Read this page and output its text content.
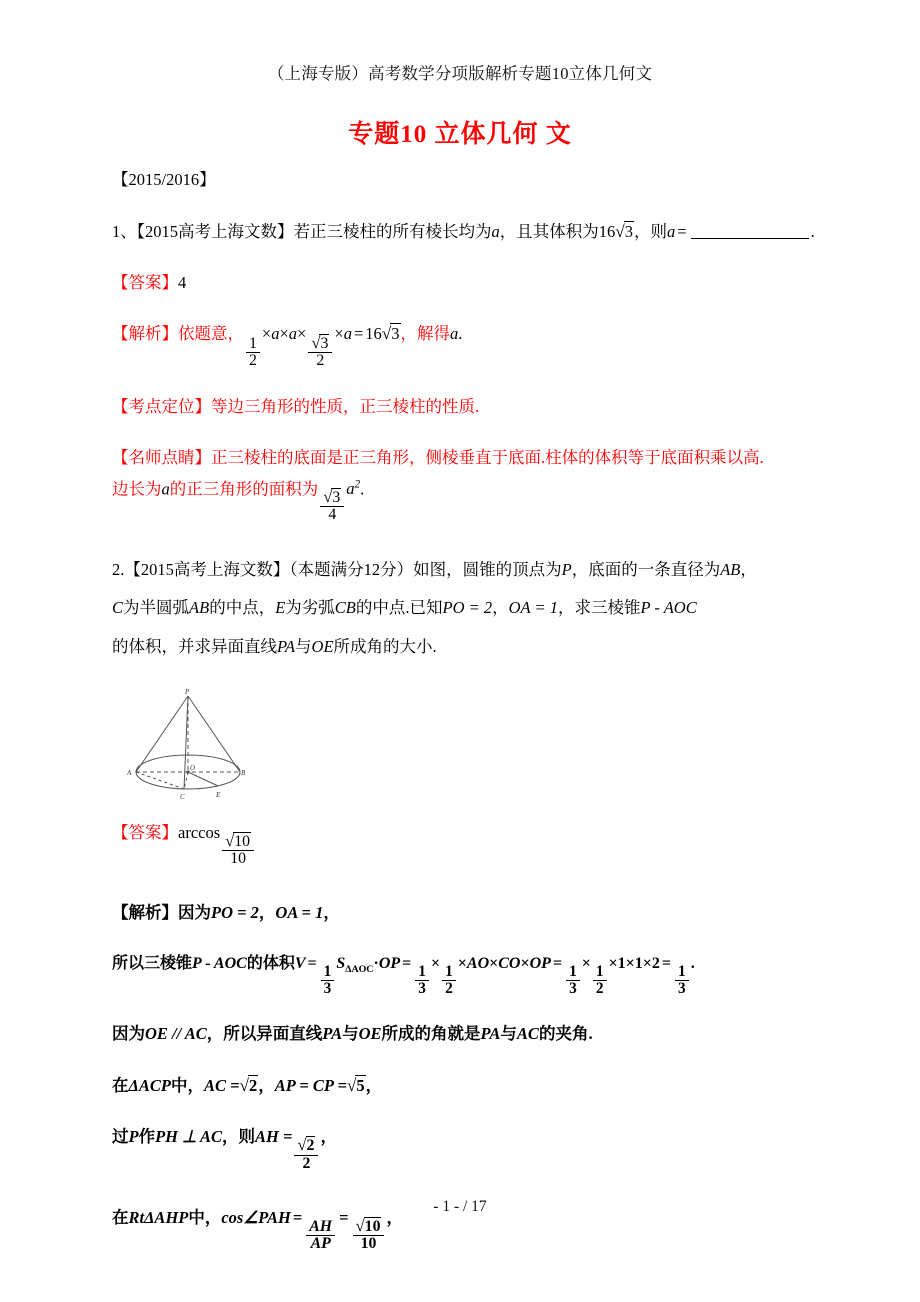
（上海专版）高考数学分项版解析专题10立体几何文
专题10 立体几何 文

【2015/2016】

1、【2015高考上海文数】若正三棱柱的所有棱长均为a，且其体积为16√3，则a =	.

【答案】4

【解析】依题意，
$\frac{1}{2}$
×a×a×
$\frac{√3}{2}$
×a = 16√3，解得a.

【考点定位】等边三角形的性质，正三棱柱的性质.

【名师点睛】正三棱柱的底面是正三角形，侧棱垂直于底面.柱体的体积等于底面积乘以高.

边长为a的正三角形的面积为
$\frac{√3}{4}$
$a^2$.

2.【2015高考上海文数】（本题满分12分）如图，圆锥的顶点为P，底面的一条直径为AB，

C为半圆弧AB的中点，E为劣弧CB的中点.已知PO = 2，OA = 1，求三棱锥P - AOC

的体积，并求异面直线PA与OE所成角的大小.

P
A
O
B
C	E

【答案】arccos
$\frac{√10}{10}$

【解析】因为PO = 2，OA = 1，

所以三棱锥P - AOC的体积V =
$\frac{1}{3}$
$S_{\Delta AOC}\cdot OP$ =
$\frac{1}{3}$
×
$\frac{1}{2}$
×AO×CO×OP =
$\frac{1}{3}$
×
$\frac{1}{2}$
×1×1×2 =
$\frac{1}{3}$
.

因为OE // AC，所以异面直线PA与OE所成的角就是PA与AC的夹角.

在ΔACP中，AC =√2，AP = CP =√5，

过P作PH ⊥ AC，则AH =
$\frac{√2}{2}$
，

在RtΔAHP中，cos∠PAH =
$\frac{AH}{AP}$
=
$\frac{√10}{10}$
，

- 1 - / 17
